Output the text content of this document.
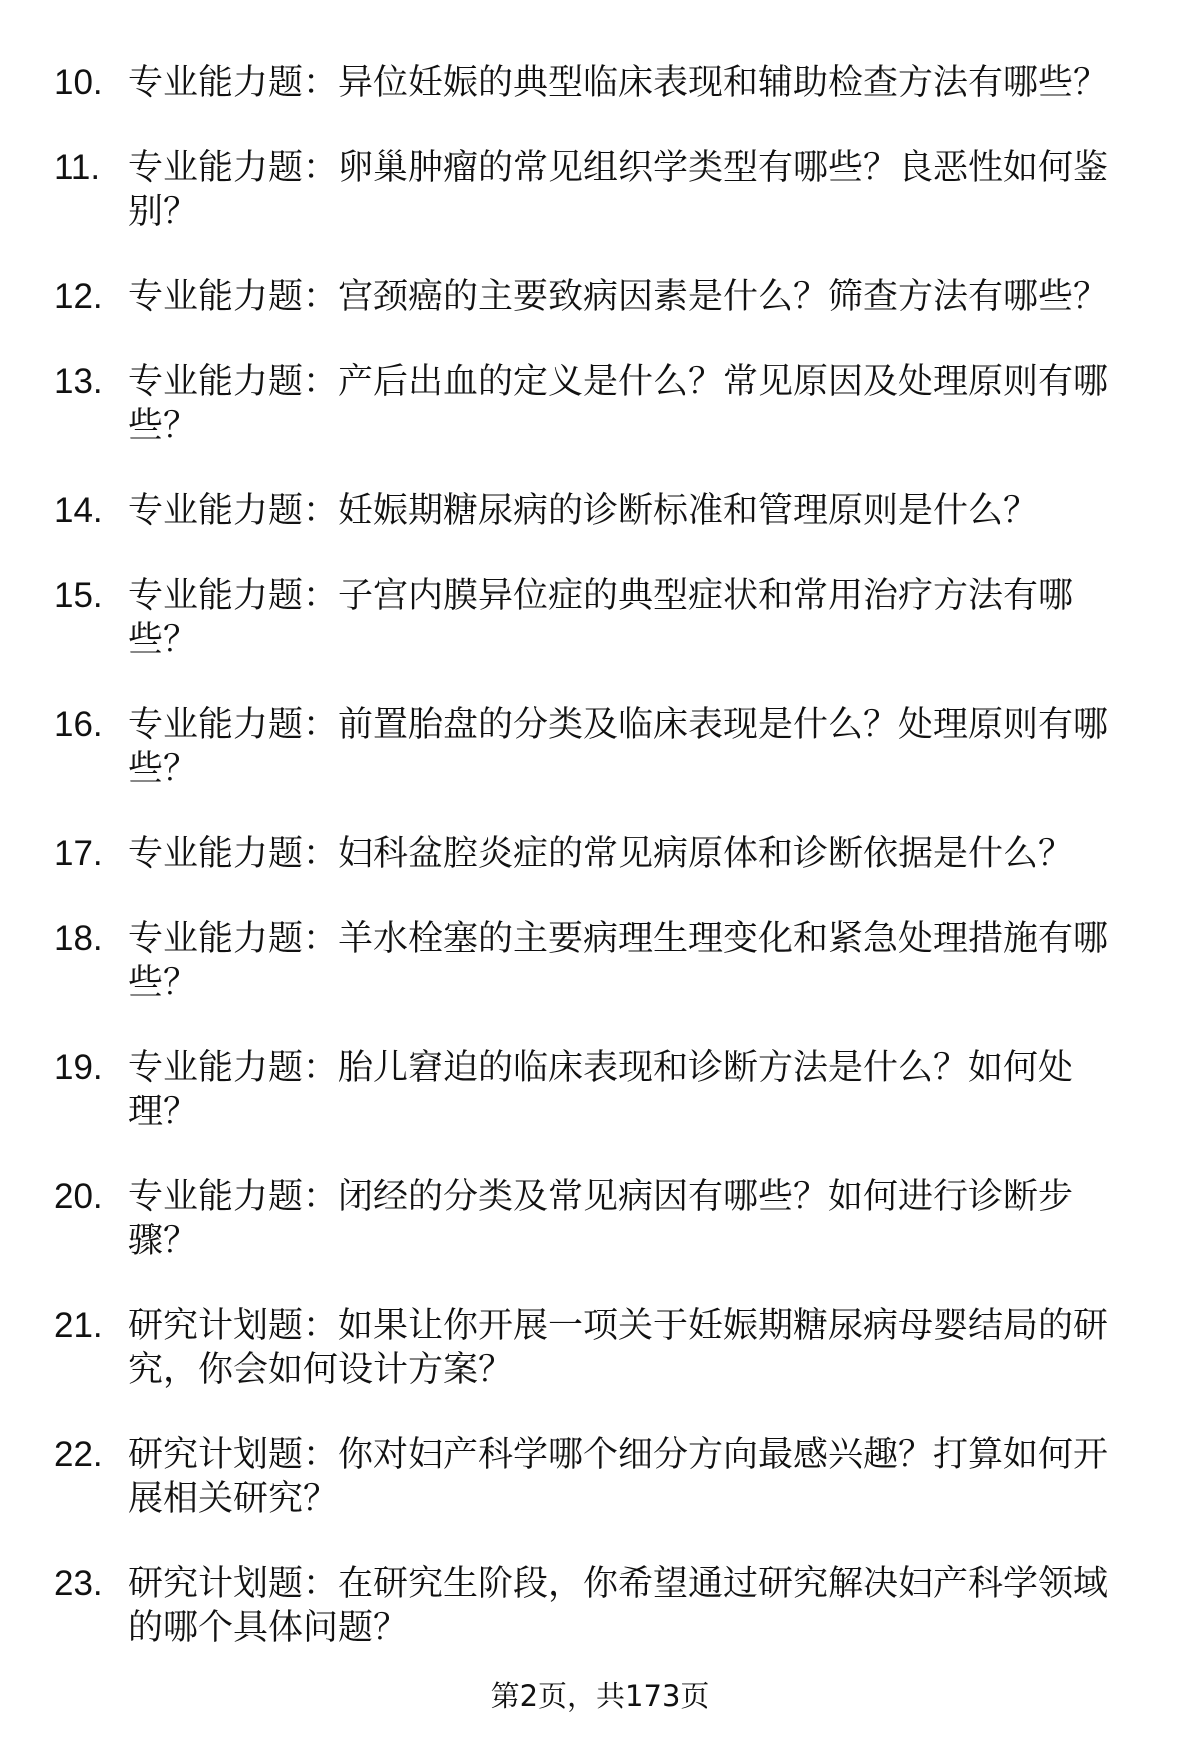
10. 专业能力题：异位妊娠的典型临床表现和辅助检查方法有哪些？
11. 专业能力题：卵巢肿瘤的常见组织学类型有哪些？良恶性如何鉴别？
12. 专业能力题：宫颈癌的主要致病因素是什么？筛查方法有哪些？
13. 专业能力题：产后出血的定义是什么？常见原因及处理原则有哪些？
14. 专业能力题：妊娠期糖尿病的诊断标准和管理原则是什么？
15. 专业能力题：子宫内膜异位症的典型症状和常用治疗方法有哪些？
16. 专业能力题：前置胎盘的分类及临床表现是什么？处理原则有哪些？
17. 专业能力题：妇科盆腔炎症的常见病原体和诊断依据是什么？
18. 专业能力题：羊水栓塞的主要病理生理变化和紧急处理措施有哪些？
19. 专业能力题：胎儿窘迫的临床表现和诊断方法是什么？如何处理？
20. 专业能力题：闭经的分类及常见病因有哪些？如何进行诊断步骤？
21. 研究计划题：如果让你开展一项关于妊娠期糖尿病母婴结局的研究，你会如何设计方案？
22. 研究计划题：你对妇产科学哪个细分方向最感兴趣？打算如何开展相关研究？
23. 研究计划题：在研究生阶段，你希望通过研究解决妇产科学领域的哪个具体问题？
第2页，共173页
